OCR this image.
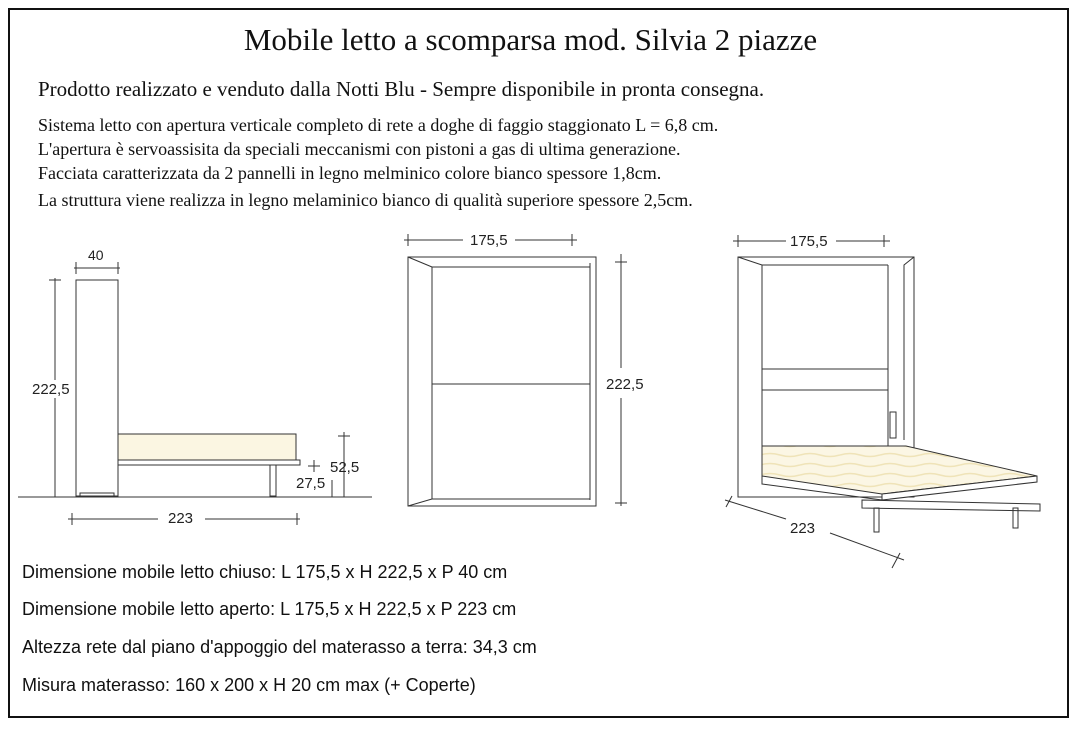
Mobile letto a scomparsa mod. Silvia 2 piazze
Prodotto realizzato e venduto dalla Notti Blu - Sempre disponibile in pronta consegna.
Sistema letto con apertura verticale completo di rete a doghe di faggio staggionato L = 6,8 cm.
L'apertura è servoassisita da speciali meccanismi con pistoni a gas di ultima generazione.
Facciata caratterizzata da 2 pannelli in legno melminico colore bianco spessore 1,8cm.
La struttura viene realizza in legno melaminico bianco di qualità superiore spessore 2,5cm.
40
222,5
223
52,5
27,5
175,5
222,5
175,5
223
Dimensione mobile letto chiuso: L 175,5 x H 222,5 x P 40 cm
Dimensione mobile letto aperto: L 175,5 x H 222,5 x P 223 cm
Altezza rete dal piano d'appoggio del materasso a terra: 34,3 cm
Misura materasso: 160 x 200 x H 20 cm max (+ Coperte)
